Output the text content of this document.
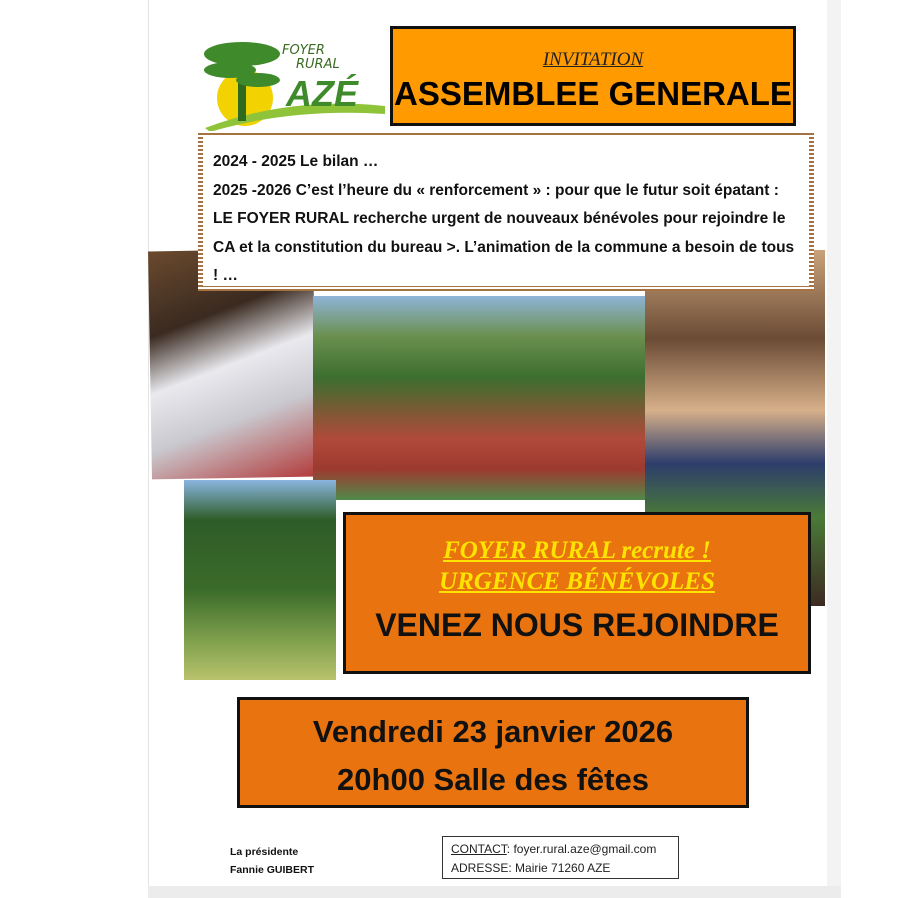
FOYER
RURAL
AZÉ
INVITATION
ASSEMBLEE GENERALE
2024 - 2025 Le bilan …
2025 -2026 C’est l’heure du « renforcement » : pour que le futur soit épatant : LE FOYER RURAL recherche urgent de nouveaux bénévoles pour rejoindre le CA et la constitution du bureau >. L’animation de la commune a besoin de tous ! …
FOYER RURAL recrute !
URGENCE BÉNÉVOLES
VENEZ NOUS REJOINDRE
Vendredi 23 janvier 2026
20h00 Salle des fêtes
La présidente
Fannie GUIBERT
CONTACT: foyer.rural.aze@gmail.com
ADRESSE: Mairie 71260 AZE
